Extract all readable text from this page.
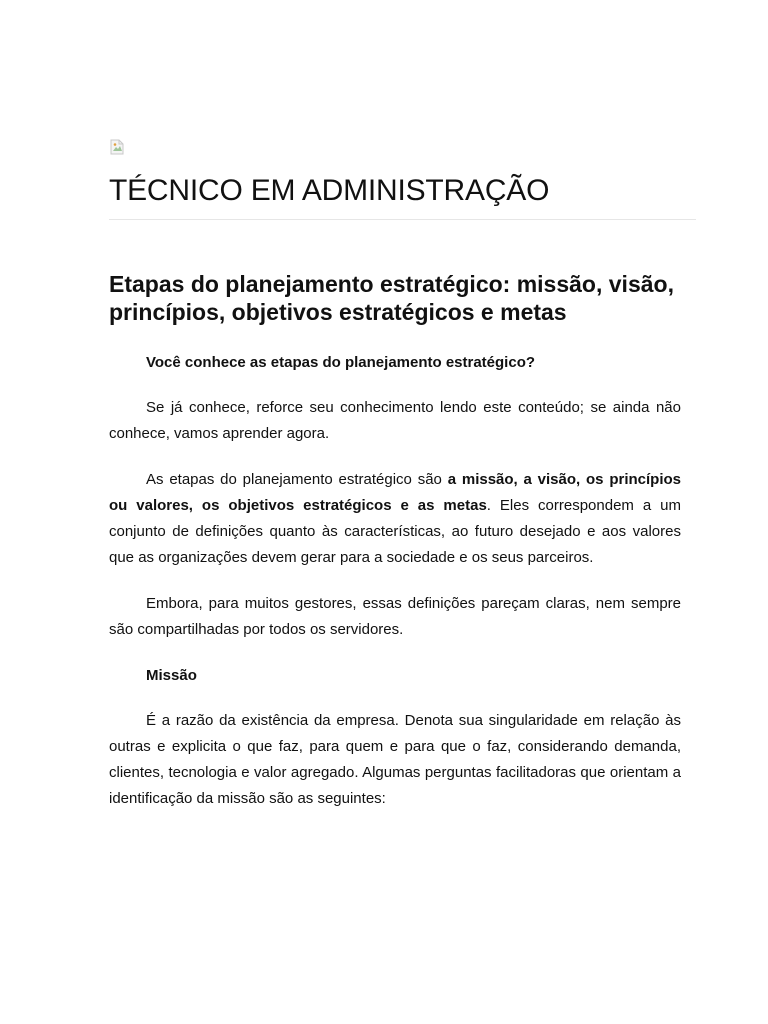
TÉCNICO EM ADMINISTRAÇÃO
Etapas do planejamento estratégico: missão, visão, princípios, objetivos estratégicos e metas

Você conhece as etapas do planejamento estratégico?

Se já conhece, reforce seu conhecimento lendo este conteúdo; se ainda não conhece, vamos aprender agora.

As etapas do planejamento estratégico são a missão, a visão, os princípios ou valores, os objetivos estratégicos e as metas. Eles correspondem a um conjunto de definições quanto às características, ao futuro desejado e aos valores que as organizações devem gerar para a sociedade e os seus parceiros.

Embora, para muitos gestores, essas definições pareçam claras, nem sempre são compartilhadas por todos os servidores.

Missão

É a razão da existência da empresa. Denota sua singularidade em relação às outras e explicita o que faz, para quem e para que o faz, considerando demanda, clientes, tecnologia e valor agregado. Algumas perguntas facilitadoras que orientam a identificação da missão são as seguintes:
